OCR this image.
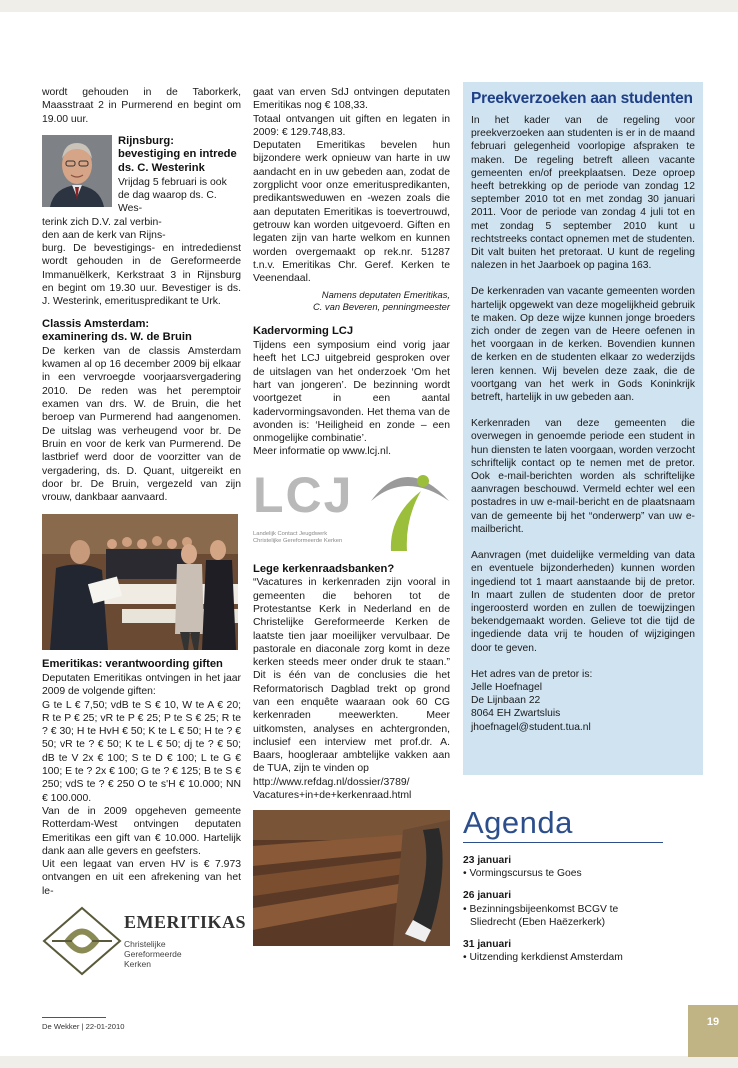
wordt gehouden in de Taborkerk, Maasstraat 2 in Purmerend en begint om 19.00 uur.

Rijnsburg:
bevestiging en intrede
ds. C. Westerink
Vrijdag 5 februari is ook
de dag waarop ds. C. Wes-
terink zich D.V. zal verbin-
den aan de kerk van Rijns-

burg. De bevestigings- en intrededienst wordt gehouden in de Gereformeerde Immanuëlkerk, Kerkstraat 3 in Rijnsburg en begint om 19.30 uur. Bevestiger is ds. J. Westerink, emerituspredikant te Urk.

Classis Amsterdam:
examinering ds. W. de Bruin

De kerken van de classis Amsterdam kwamen al op 16 december 2009 bij elkaar in een vervroegde voorjaarsvergadering 2010. De reden was het peremptoir examen van drs. W. de Bruin, die het beroep van Purmerend had aangenomen. De uitslag was verheugend voor br. De Bruin en voor de kerk van Purmerend. De lastbrief werd door de voorzitter van de vergadering, ds. D. Quant, uitgereikt en door br. De Bruin, vergezeld van zijn vrouw, dankbaar aanvaard.

Emeritikas: verantwoording giften

Deputaten Emeritikas ontvingen in het jaar 2009 de volgende giften:

G te L € 7,50; vdB te S € 10, W te A € 20; R te P € 25; vR te P € 25; P te S € 25; R te ? € 30; H te HvH € 50; K te L € 50; H te ? € 50; vR te ? € 50; K te L € 50; dj te ? € 50; dB te V 2x € 100; S te D € 100; L te G € 100; E te ? 2x € 100; G te ? € 125; B te S € 250; vdS te ? € 250 O te s'H € 10.000; NN € 100.000.

Van de in 2009 opgeheven gemeente Rotterdam-West ontvingen deputaten Emeritikas een gift van € 10.000. Hartelijk dank aan alle gevers en geefsters.

Uit een legaat van erven HV is € 7.973 ontvangen en uit een afrekening van het le-

EMERITIKAS
Christelijke
Gereformeerde
Kerken

gaat van erven SdJ ontvingen deputaten Emeritikas nog € 108,33.

Totaal ontvangen uit giften en legaten in 2009: € 129.748,83.

Deputaten Emeritikas bevelen hun bijzondere werk opnieuw van harte in uw aandacht en in uw gebeden aan, zodat de zorgplicht voor onze emerituspredikanten, predikantsweduwen en -wezen zoals die aan deputaten Emeritikas is toevertrouwd, getrouw kan worden uitgevoerd. Giften en legaten zijn van harte welkom en kunnen worden overgemaakt op rek.nr. 51287 t.n.v. Emeritikas Chr. Geref. Kerken te Veenendaal.

Namens deputaten Emeritikas,
C. van Beveren, penningmeester
Kadervorming LCJ

Tijdens een symposium eind vorig jaar heeft het LCJ uitgebreid gesproken over de uitslagen van het onderzoek ‘Om het hart van jongeren’. De bezinning wordt voortgezet in een aantal kadervormingsavonden. Het thema van de avonden is: ‘Heiligheid en zonde – een onmogelijke combinatie’.

Meer informatie op www.lcj.nl.

LCJ
Landelijk Contact Jeugdwerk
Christelijke Gereformeerde Kerken
Lege kerkenraadsbanken?

“Vacatures in kerkenraden zijn vooral in gemeenten die behoren tot de Protestantse Kerk in Nederland en de Christelijke Gereformeerde Kerken de laatste tien jaar moeilijker vervulbaar. De pastorale en diaconale zorg komt in deze kerken steeds meer onder druk te staan.” Dit is één van de conclusies die het Reformatorisch Dagblad trekt op grond van een enquête waaraan ook 60 CG kerkenraden meewerkten. Meer uitkomsten, analyses en achtergronden, inclusief een interview met prof.dr. A. Baars, hoogleraar ambtelijke vakken aan de TUA, zijn te vinden op

http://www.refdag.nl/dossier/3789/

Vacatures+in+de+kerkenraad.html

Preekverzoeken aan studenten

In het kader van de regeling voor preekverzoeken aan studenten is er in de maand februari gelegenheid voorlopige afspraken te maken. De regeling betreft alleen vacante gemeenten en/of preekplaatsen. Deze oproep heeft betrekking op de periode van zondag 12 september 2010 tot en met zondag 30 januari 2011. Voor de periode van zondag 4 juli tot en met zondag 5 september 2010 kunt u rechtstreeks contact opnemen met de studenten. Dit valt buiten het pretoraat. U kunt de regeling nalezen in het Jaarboek op pagina 163.

De kerkenraden van vacante gemeenten worden hartelijk opgewekt van deze mogelijkheid gebruik te maken. Op deze wijze kunnen jonge broeders zich onder de zegen van de Heere oefenen in het voorgaan in de kerken. Bovendien kunnen de kerken en de studenten elkaar zo wederzijds leren kennen. Wij bevelen deze zaak, die de voortgang van het werk in Gods Koninkrijk betreft, hartelijk in uw gebeden aan.

Kerkenraden van deze gemeenten die overwegen in genoemde periode een student in hun diensten te laten voorgaan, worden verzocht schriftelijk contact op te nemen met de pretor. Ook e-mail-berichten worden als schriftelijke aanvragen beschouwd. Vermeld echter wel een postadres in uw e-mail-bericht en de plaatsnaam van de gemeente bij het “onderwerp” van uw e-mailbericht.

Aanvragen (met duidelijke vermelding van data en eventuele bijzonderheden) kunnen worden ingediend tot 1 maart aanstaande bij de pretor. In maart zullen de studenten door de pretor ingeroosterd worden en zullen de toewijzingen bekendgemaakt worden. Gelieve tot die tijd de ingediende data vrij te houden of wijzigingen door te geven.

Het adres van de pretor is:
Jelle Hoefnagel
De Lijnbaan 22
8064 EH Zwartsluis
jhoefnagel@student.tua.nl
Agenda
23 januari
• Vormingscursus te Goes
26 januari
• Bezinningsbijeenkomst BCGV te
Sliedrecht (Eben Haëzerkerk)
31 januari
• Uitzending kerkdienst Amsterdam
De Wekker | 22-01-2010	19
